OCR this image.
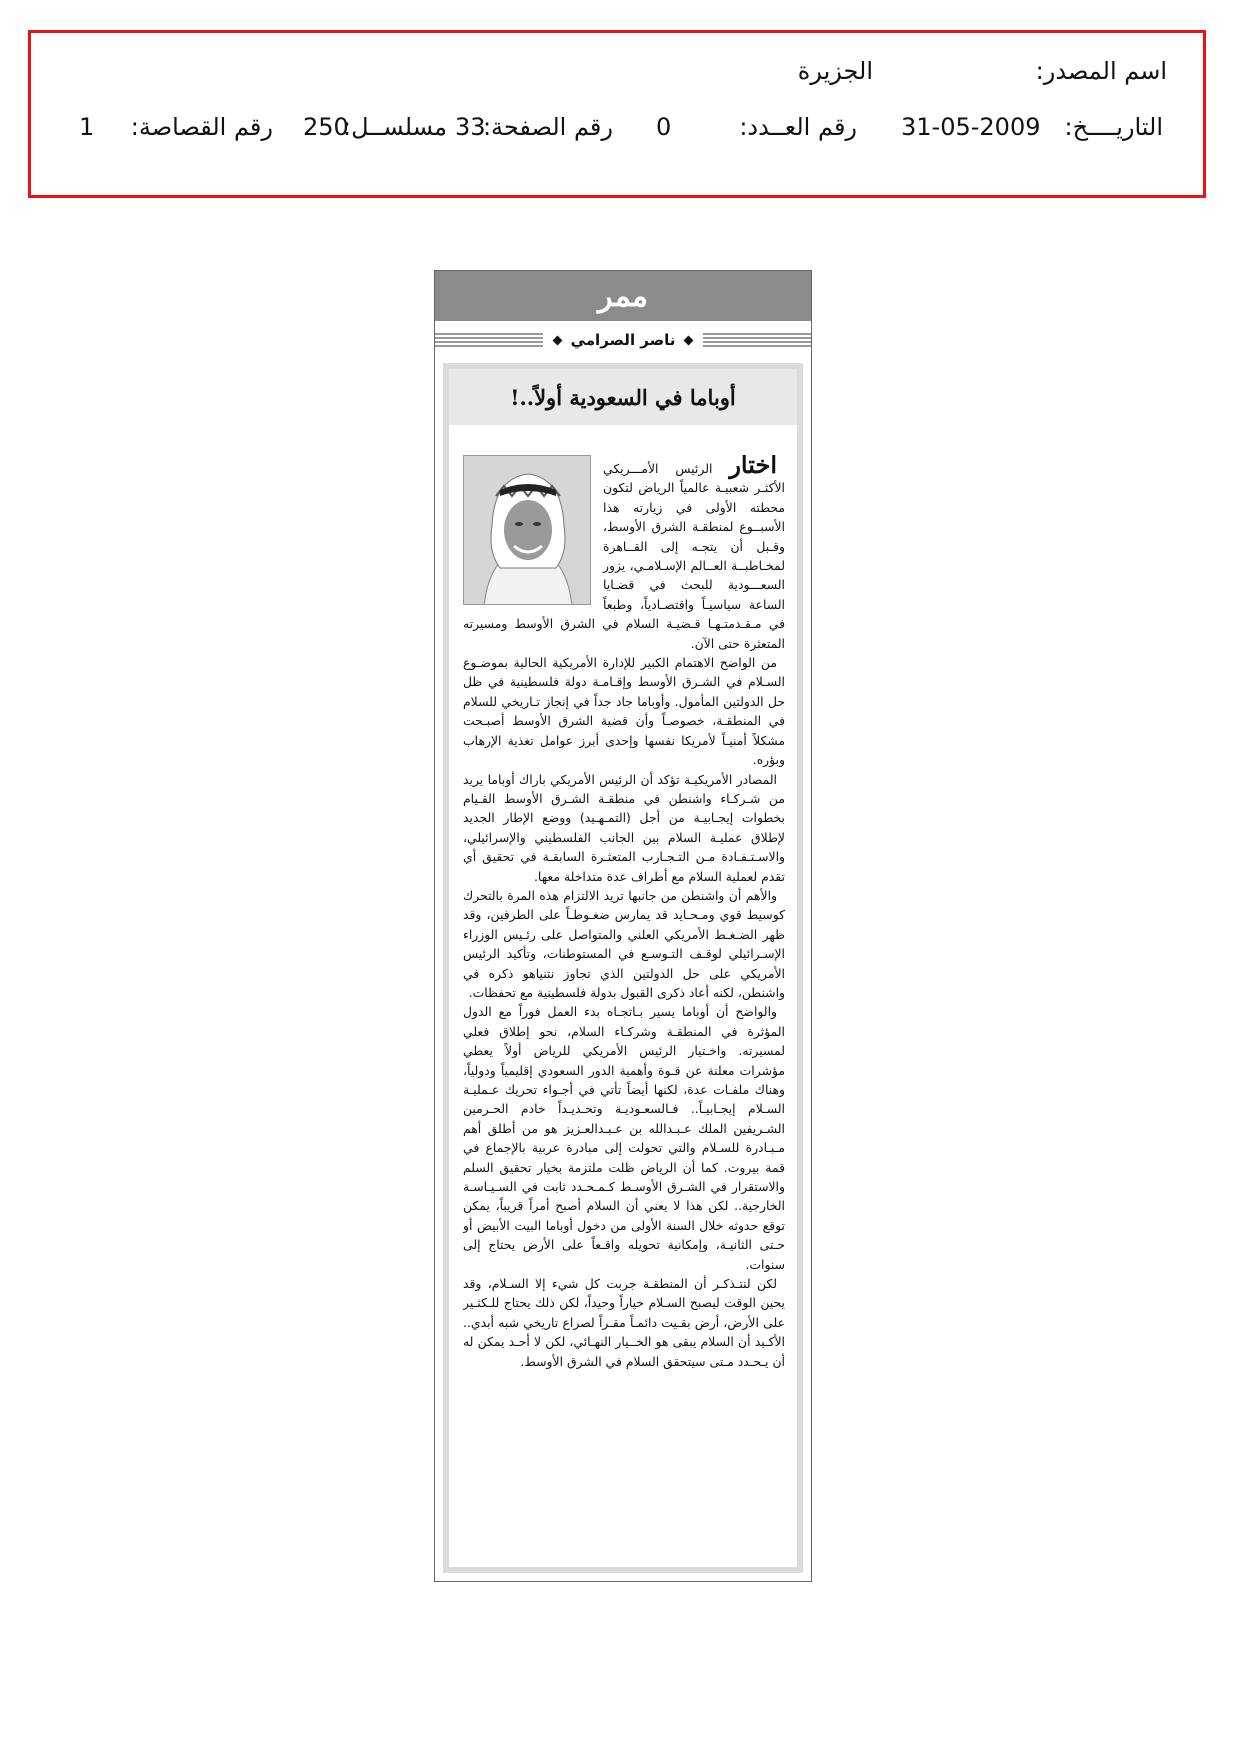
اسم المصدر:
الجزيرة
التاريــــخ:
31-05-2009
رقم العــدد:
0
رقم الصفحة:
33
مسلســل:
250
رقم القصاصة:
1
ممر
ناصر الصرامي
أوباما في السعودية أولاً..!

اختار الرئيس الأمـــريكي الأكثـر شعبيـة عالمياً الرياض لتكون محطته الأولى في زيارته هذا الأسبــوع لمنطقـة الشرق الأوسط، وقـبل أن يتجـه إلى القــاهرة لمخـاطبــة العــالم الإسـلامـي، يزور السعـــودية للبحث في قضـايا الساعة سياسيـاً واقتصـادياً، وطبعاً في مـقـدمتـهـا قـضيـة السلام في الشرق الأوسط ومسيرته المتعثرة حتى الآن.

من الواضح الاهتمام الكبير للإدارة الأمريكية الحالية بموضـوع السـلام في الشـرق الأوسط وإقـامـة دولة فلسطينية في ظل حل الدولتين المأمول. وأوباما جاد جداً في إنجاز تـاريخي للسلام في المنطقـة، خصوصـاً وأن قضية الشرق الأوسط أصبـحت مشكلاً أمنيـاً لأمريكا نفسها وإحدى أبرز عوامل تغذية الإرهاب وبؤره.

المصادر الأمريكيـة تؤكد أن الرئيس الأمريكي باراك أوباما يريد من شـركـاء واشنطن في منطقـة الشـرق الأوسط القـيام بخطوات إيجـابيـة من أجل (التمـهـيد) ووضع الإطار الجديد لإطلاق عمليـة السلام بين الجانب الفلسطيني والإسرائيلي، والاسـتـفـادة مـن التـجـارب المتعثـرة السابقـة في تحقيق أي تقدم لعملية السلام مع أطراف عدة متداخلة معها.

والأهم أن واشنطن من جانبها تريد الالتزام هذه المرة بالتحرك كوسيط قوي ومـحـايد قد يمارس ضغـوطـاً على الطرفين، وقد ظهر الضـغـط الأمريكي العلني والمتواصل على رئـيس الوزراء الإسـرائيلي لوقـف التـوسـع في المستوطنات، وتأكيد الرئيس الأمريكي على حل الدولتين الذي تجاوز نتنياهو ذكره في واشنطن، لكنه أعاد ذكرى القبول بدولة فلسطينية مع تحفظات.

والواضح أن أوباما يسير بـاتجـاه بدء العمل فوراً مع الدول المؤثرة في المنطقـة وشركـاء السلام، نحو إطلاق فعلي لمسيرته. واخـتيار الرئيس الأمريكي للرياض أولاً يعطي مؤشرات معلنة عن قـوة وأهمية الدور السعودي إقليمياً ودولياً، وهناك ملفـات عدة، لكنها أيضاً تأتي في أجـواء تحريك عـمليـة السـلام إيجـابيـاً.. فـالسعـوديـة وتحـديـداً خادم الحـرمين الشـريفين الملك عـبـدالله بن عـبـدالعـزيز هو من أطلق أهم مـبـادرة للسـلام والتي تحولت إلى مبادرة عربية بالإجماع في قمة بيروت. كما أن الرياض ظلت ملتزمة بخيار تحقيق السلم والاستقرار في الشـرق الأوسـط كـمـحـدد ثابت في السـيـاسـة الخارجية.. لكن هذا لا يعني أن السلام أصبح أمراً قريباً، يمكن توقع حدوثه خلال السنة الأولى من دخول أوباما البيت الأبيض أو حـتى الثانيـة، وإمكانية تحويله واقـعاً على الأرض يحتاج إلى سنوات.

لكن لنتـذكـر أن المنطقـة جربت كل شيء إلا السـلام، وقد يحين الوقت ليصبح السـلام خياراً وحيداً، لكن ذلك يحتاج للـكثـير على الأرض، أرض بقـيت دائمـاً مقـراً لصراع تاريخي شبه أبدي.. الأكـيد أن السلام يبقى هو الخــيار النهـائي، لكن لا أحـد يمكن له أن يـحـدد مـتى سيتحقق السلام في الشرق الأوسط.
